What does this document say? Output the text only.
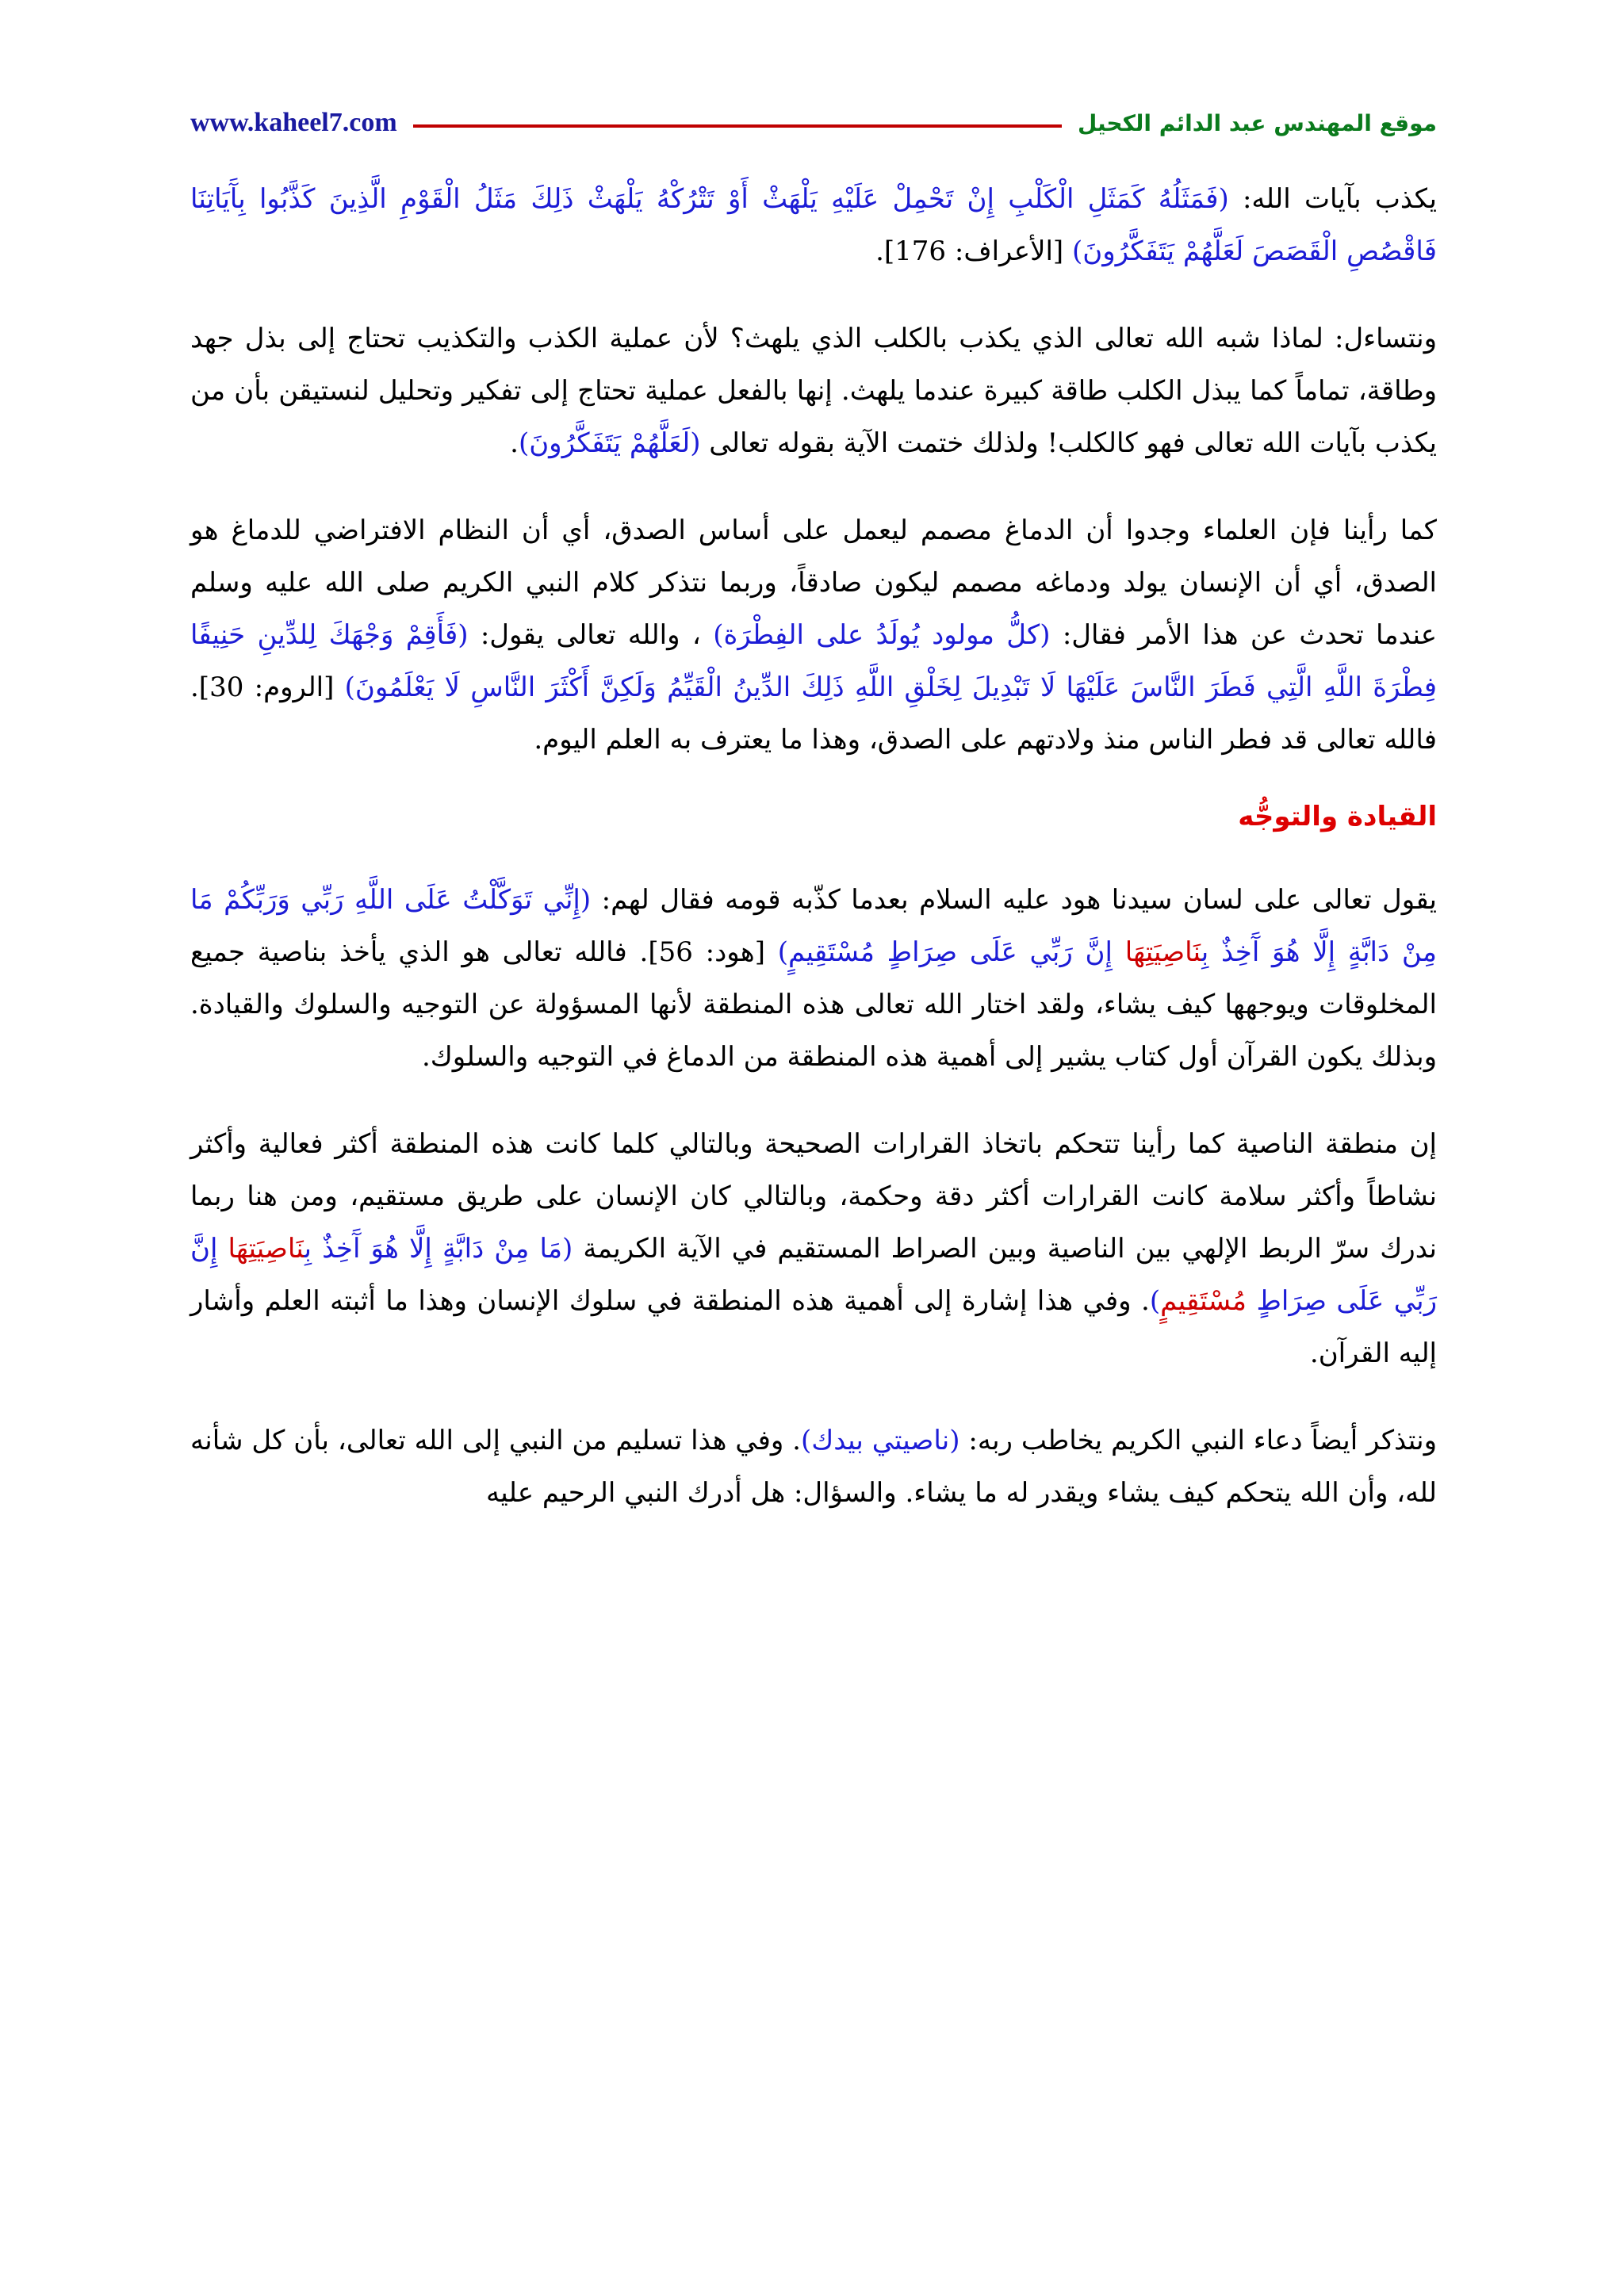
www.kaheel7.com	موقع المهندس عبد الدائم الكحيل

يكذب بآيات الله: (فَمَثَلُهُ كَمَثَلِ الْكَلْبِ إِنْ تَحْمِلْ عَلَيْهِ يَلْهَثْ أَوْ تَتْرُكْهُ يَلْهَثْ ذَلِكَ مَثَلُ الْقَوْمِ الَّذِينَ كَذَّبُوا بِآَيَاتِنَا فَاقْصُصِ الْقَصَصَ لَعَلَّهُمْ يَتَفَكَّرُونَ) [الأعراف: 176].

ونتساءل: لماذا شبه الله تعالى الذي يكذب بالكلب الذي يلهث؟ لأن عملية الكذب والتكذيب تحتاج إلى بذل جهد وطاقة، تماماً كما يبذل الكلب طاقة كبيرة عندما يلهث. إنها بالفعل عملية تحتاج إلى تفكير وتحليل لنستيقن بأن من يكذب بآيات الله تعالى فهو كالكلب! ولذلك ختمت الآية بقوله تعالى (لَعَلَّهُمْ يَتَفَكَّرُونَ).

كما رأينا فإن العلماء وجدوا أن الدماغ مصمم ليعمل على أساس الصدق، أي أن النظام الافتراضي للدماغ هو الصدق، أي أن الإنسان يولد ودماغه مصمم ليكون صادقاً، وربما نتذكر كلام النبي الكريم صلى الله عليه وسلم عندما تحدث عن هذا الأمر فقال: (كلُّ مولود يُولَدُ على الفِطْرَة) ، والله تعالى يقول: (فَأَقِمْ وَجْهَكَ لِلدِّينِ حَنِيفًا فِطْرَةَ اللَّهِ الَّتِي فَطَرَ النَّاسَ عَلَيْهَا لَا تَبْدِيلَ لِخَلْقِ اللَّهِ ذَلِكَ الدِّينُ الْقَيِّمُ وَلَكِنَّ أَكْثَرَ النَّاسِ لَا يَعْلَمُونَ) [الروم: 30]. فالله تعالى قد فطر الناس منذ ولادتهم على الصدق، وهذا ما يعترف به العلم اليوم.

القيادة والتوجُّه

يقول تعالى على لسان سيدنا هود عليه السلام بعدما كذّبه قومه فقال لهم: (إِنِّي تَوَكَّلْتُ عَلَى اللَّهِ رَبِّي وَرَبِّكُمْ مَا مِنْ دَابَّةٍ إِلَّا هُوَ آَخِذٌ بِنَاصِيَتِهَا إِنَّ رَبِّي عَلَى صِرَاطٍ مُسْتَقِيمٍ) [هود: 56]. فالله تعالى هو الذي يأخذ بناصية جميع المخلوقات ويوجهها كيف يشاء، ولقد اختار الله تعالى هذه المنطقة لأنها المسؤولة عن التوجيه والسلوك والقيادة. وبذلك يكون القرآن أول كتاب يشير إلى أهمية هذه المنطقة من الدماغ في التوجيه والسلوك.

إن منطقة الناصية كما رأينا تتحكم باتخاذ القرارات الصحيحة وبالتالي كلما كانت هذه المنطقة أكثر فعالية وأكثر نشاطاً وأكثر سلامة كانت القرارات أكثر دقة وحكمة، وبالتالي كان الإنسان على طريق مستقيم، ومن هنا ربما ندرك سرّ الربط الإلهي بين الناصية وبين الصراط المستقيم في الآية الكريمة (مَا مِنْ دَابَّةٍ إِلَّا هُوَ آَخِذٌ بِنَاصِيَتِهَا إِنَّ رَبِّي عَلَى صِرَاطٍ مُسْتَقِيمٍ). وفي هذا إشارة إلى أهمية هذه المنطقة في سلوك الإنسان وهذا ما أثبته العلم وأشار إليه القرآن.

ونتذكر أيضاً دعاء النبي الكريم يخاطب ربه: (ناصيتي بيدك). وفي هذا تسليم من النبي إلى الله تعالى، بأن كل شأنه لله، وأن الله يتحكم كيف يشاء ويقدر له ما يشاء. والسؤال: هل أدرك النبي الرحيم عليه
